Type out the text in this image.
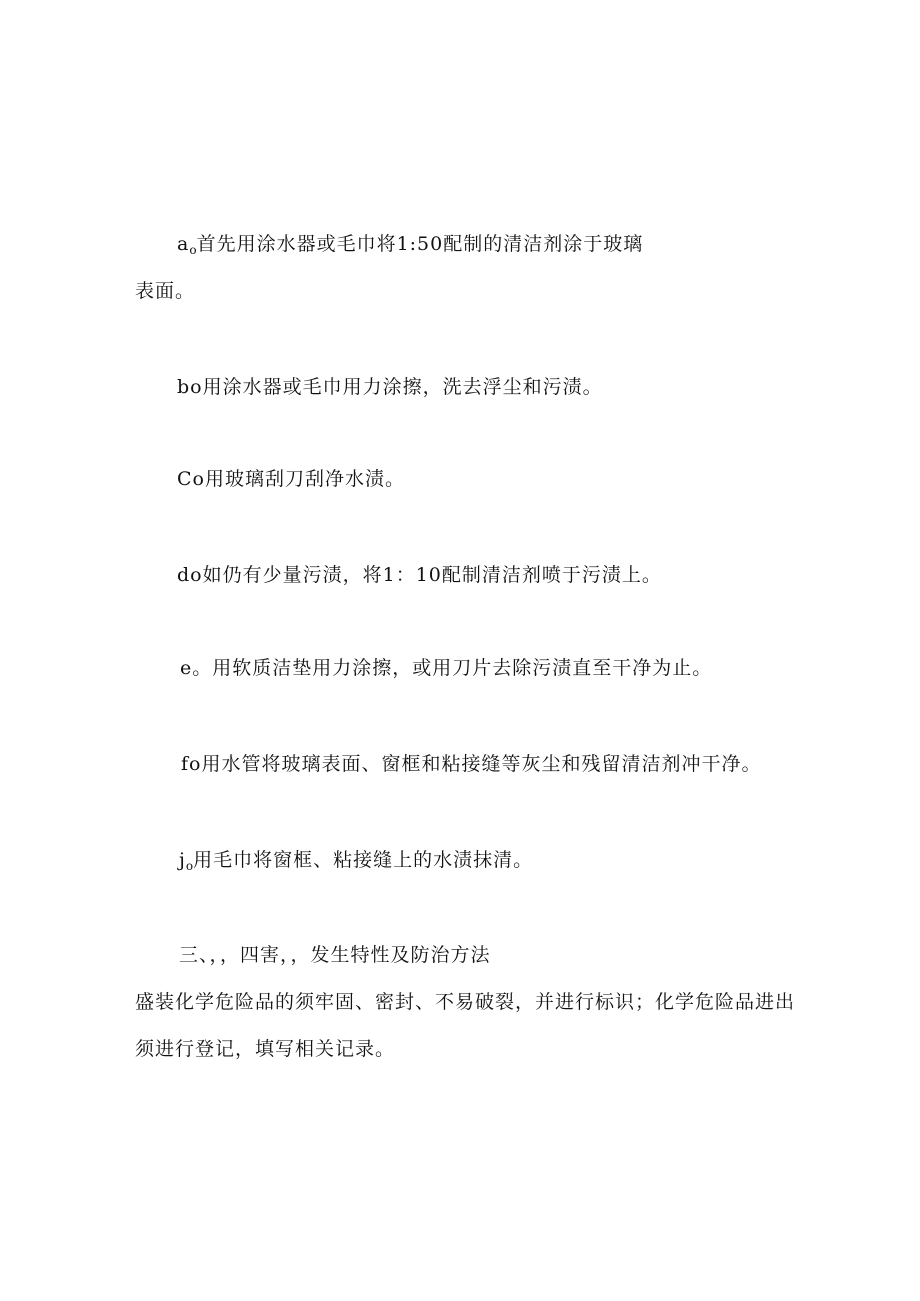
$a_o$首先用涂水器或毛巾将1:50配制的清洁剂涂于玻璃
表面。
bo用涂水器或毛巾用力涂擦，洗去浮尘和污渍。
Co用玻璃刮刀刮净水渍。
do如仍有少量污渍，将1：10配制清洁剂喷于污渍上。
e。用软质洁垫用力涂擦，或用刀片去除污渍直至干净为止。
fo用水管将玻璃表面、窗框和粘接缝等灰尘和残留清洁剂冲干净。
$j_o$用毛巾将窗框、粘接缝上的水渍抹清。
三、，，四害，，发生特性及防治方法
盛装化学危险品的须牢固、密封、不易破裂，并进行标识；化学危险品进出
须进行登记，填写相关记录。
